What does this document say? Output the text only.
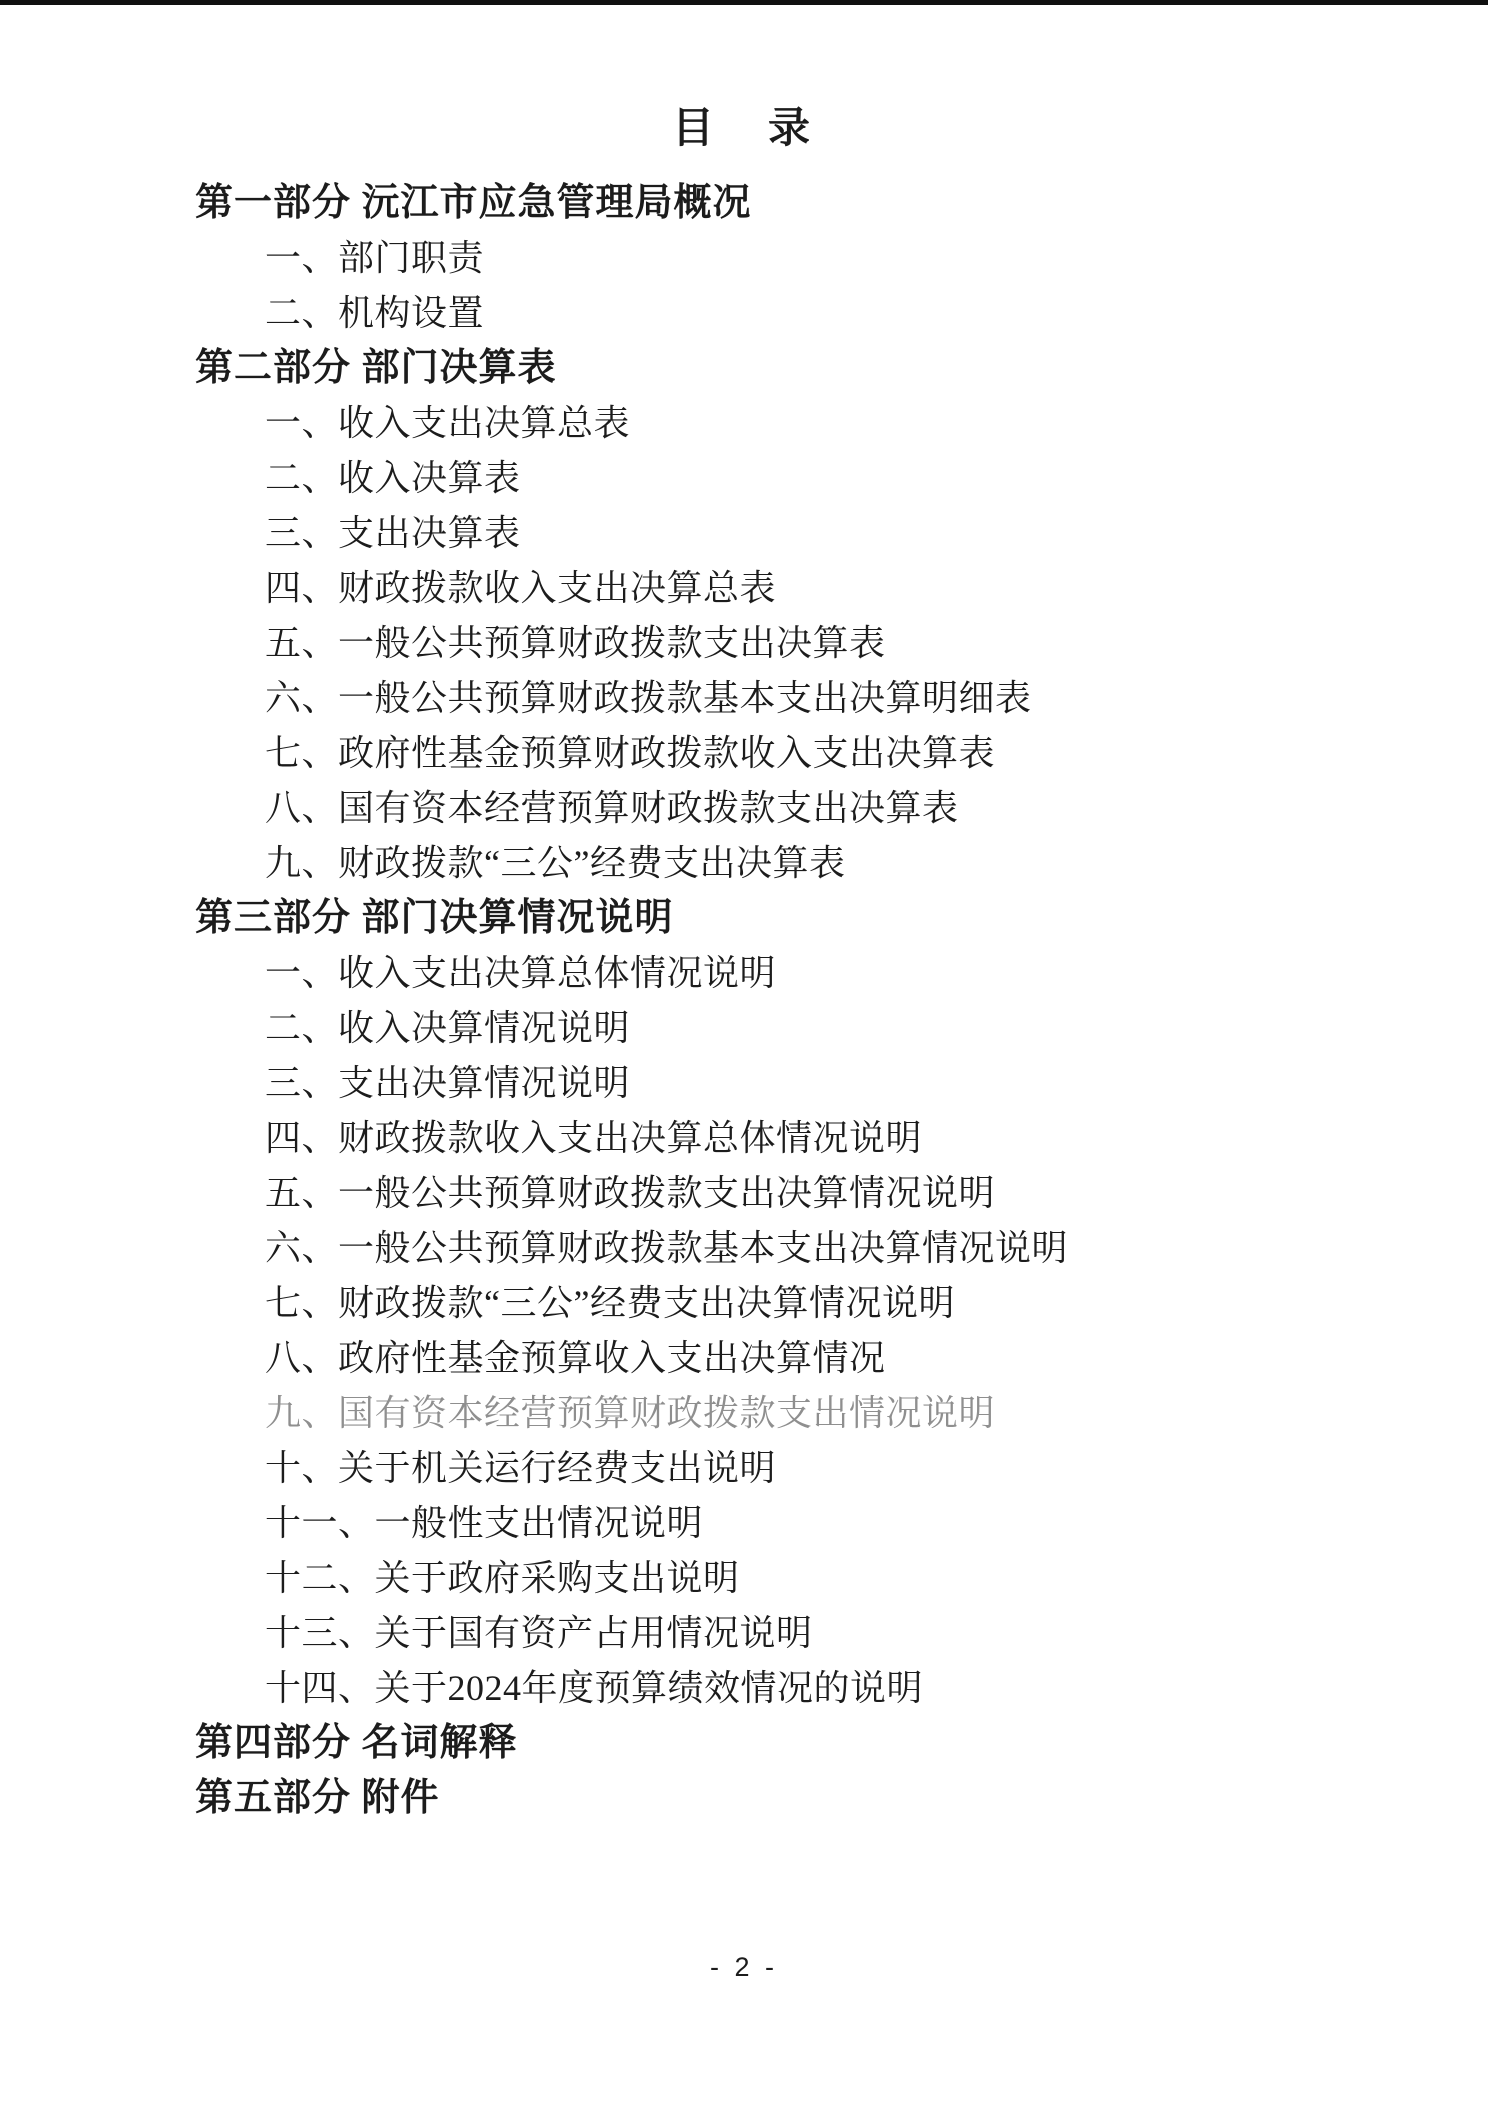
目　录
第一部分 沅江市应急管理局概况
一、部门职责
二、机构设置
第二部分 部门决算表
一、收入支出决算总表
二、收入决算表
三、支出决算表
四、财政拨款收入支出决算总表
五、一般公共预算财政拨款支出决算表
六、一般公共预算财政拨款基本支出决算明细表
七、政府性基金预算财政拨款收入支出决算表
八、国有资本经营预算财政拨款支出决算表
九、财政拨款“三公”经费支出决算表
第三部分 部门决算情况说明
一、收入支出决算总体情况说明
二、收入决算情况说明
三、支出决算情况说明
四、财政拨款收入支出决算总体情况说明
五、一般公共预算财政拨款支出决算情况说明
六、一般公共预算财政拨款基本支出决算情况说明
七、财政拨款“三公”经费支出决算情况说明
八、政府性基金预算收入支出决算情况
九、国有资本经营预算财政拨款支出情况说明
十、关于机关运行经费支出说明
十一、一般性支出情况说明
十二、关于政府采购支出说明
十三、关于国有资产占用情况说明
十四、关于2024年度预算绩效情况的说明
第四部分 名词解释
第五部分 附件
- 2 -
